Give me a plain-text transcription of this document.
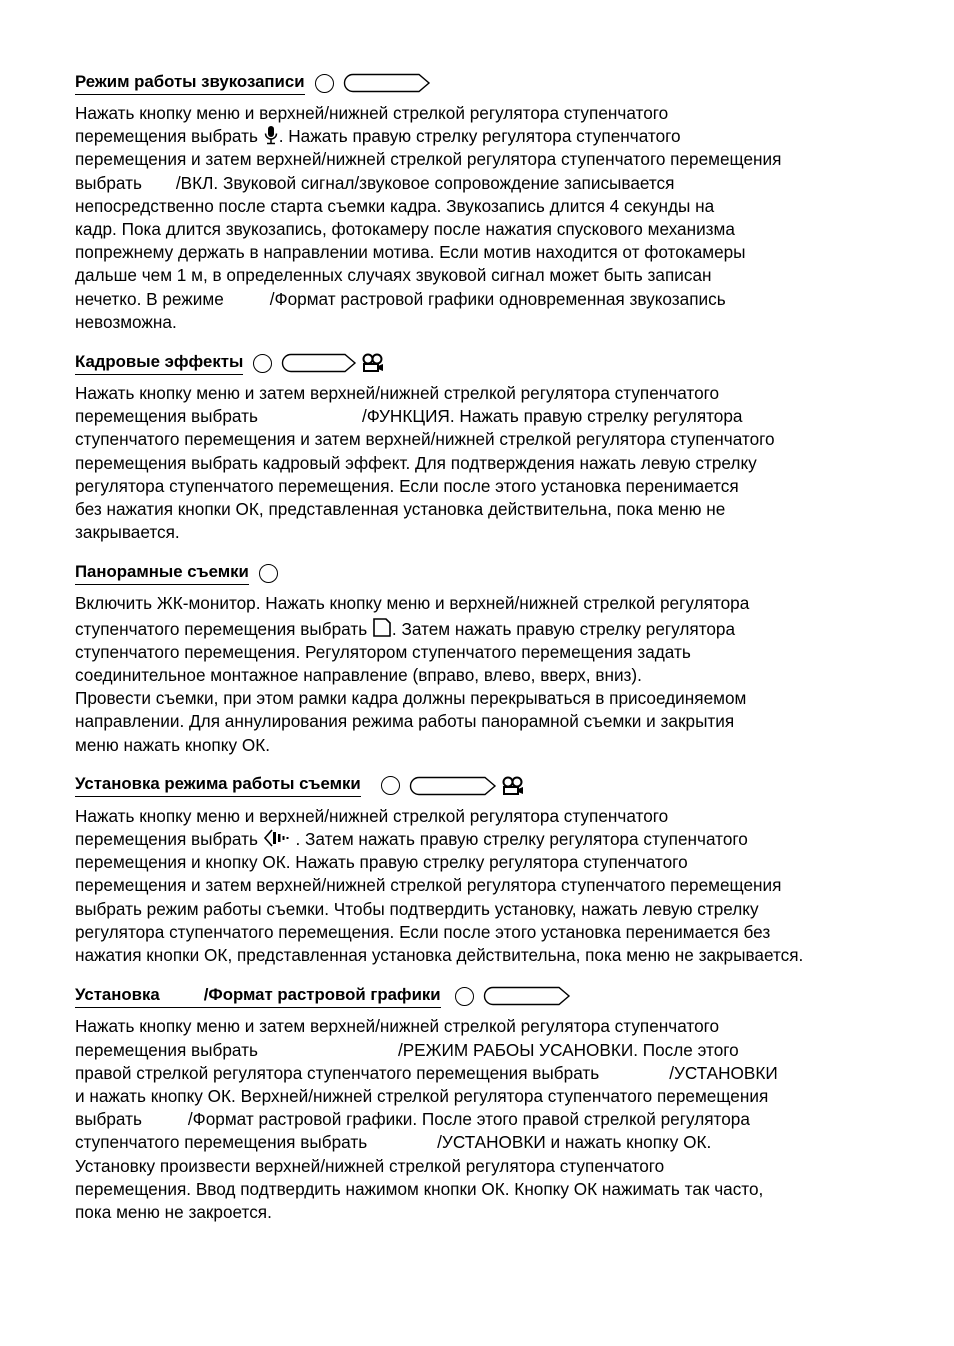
Режим работы звукозаписи
Нажать кнопку меню и верхней/нижней стрелкой регулятора ступенчатого
перемещения выбрать . Нажать правую стрелку регулятора ступенчатого
перемещения и затем верхней/нижней стрелкой регулятора ступенчатого перемещения
выбрать /ВКЛ. Звуковой сигнал/звуковое сопровождение записывается
непосредственно после старта съемки кадра. Звукозапись длится 4 секунды на
кадр. Пока длится звукозапись, фотокамеру после нажатия спускового механизма
попрежнему держать в направлении мотива. Если мотив находится от фотокамеры
дальше чем 1 м, в определенных случаях звуковой сигнал может быть записан
нечетко. В режиме	/Формат растровой графики одновременная звукозапись
невозможна.
Кадровые эффекты
Нажать кнопку меню и затем верхней/нижней стрелкой регулятора ступенчатого
перемещения выбрать	/ФУНКЦИЯ. Нажать правую стрелку регулятора
ступенчатого перемещения и затем верхней/нижней стрелкой регулятора ступенчатого
перемещения выбрать кадровый эффект. Для подтверждения нажать левую стрелку
регулятора ступенчатого перемещения. Если после этого установка перенимается
без нажатия кнопки ОК, представленная установка действительна, пока меню не
закрывается.
Панорамные съемки
Включить ЖК-монитор. Нажать кнопку меню и верхней/нижней стрелкой регулятора
ступенчатого перемещения выбрать . Затем нажать правую стрелку регулятора
ступенчатого перемещения. Регулятором ступенчатого перемещения задать
соединительное монтажное направление (вправо, влево, вверх, вниз).
Провести съемки, при этом рамки кадра должны перекрываться в присоединяемом
направлении. Для аннулирования режима работы панорамной съемки и закрытия
меню нажать кнопку ОК.
Установка режима работы съемки
Нажать кнопку меню и верхней/нижней стрелкой регулятора ступенчатого
перемещения выбрать  . Затем нажать правую стрелку регулятора ступенчатого
перемещения и кнопку ОК. Нажать правую стрелку регулятора ступенчатого
перемещения и затем верхней/нижней стрелкой регулятора ступенчатого перемещения
выбрать режим работы съемки. Чтобы подтвердить установку, нажать левую стрелку
регулятора ступенчатого перемещения. Если после этого установка перенимается без
нажатия кнопки ОК, представленная установка действительна, пока меню не закрывается.
Установка	/Формат растровой графики
Нажать кнопку меню и затем верхней/нижней стрелкой регулятора ступенчатого
перемещения выбрать	/РЕЖИМ РАБОЫ УСАНОВКИ. После этого
правой стрелкой регулятора ступенчатого перемещения выбрать	/УСТАНОВКИ
и нажать кнопку ОК. Верхней/нижней стрелкой регулятора ступенчатого перемещения
выбрать	/Формат растровой графики. После этого правой стрелкой регулятора
ступенчатого перемещения выбрать	/УСТАНОВКИ и нажать кнопку ОК.
Установку произвести верхней/нижней стрелкой регулятора ступенчатого
перемещения. Ввод подтвердить нажимом кнопки ОК. Кнопку ОК нажимать так часто,
пока меню не закроется.
